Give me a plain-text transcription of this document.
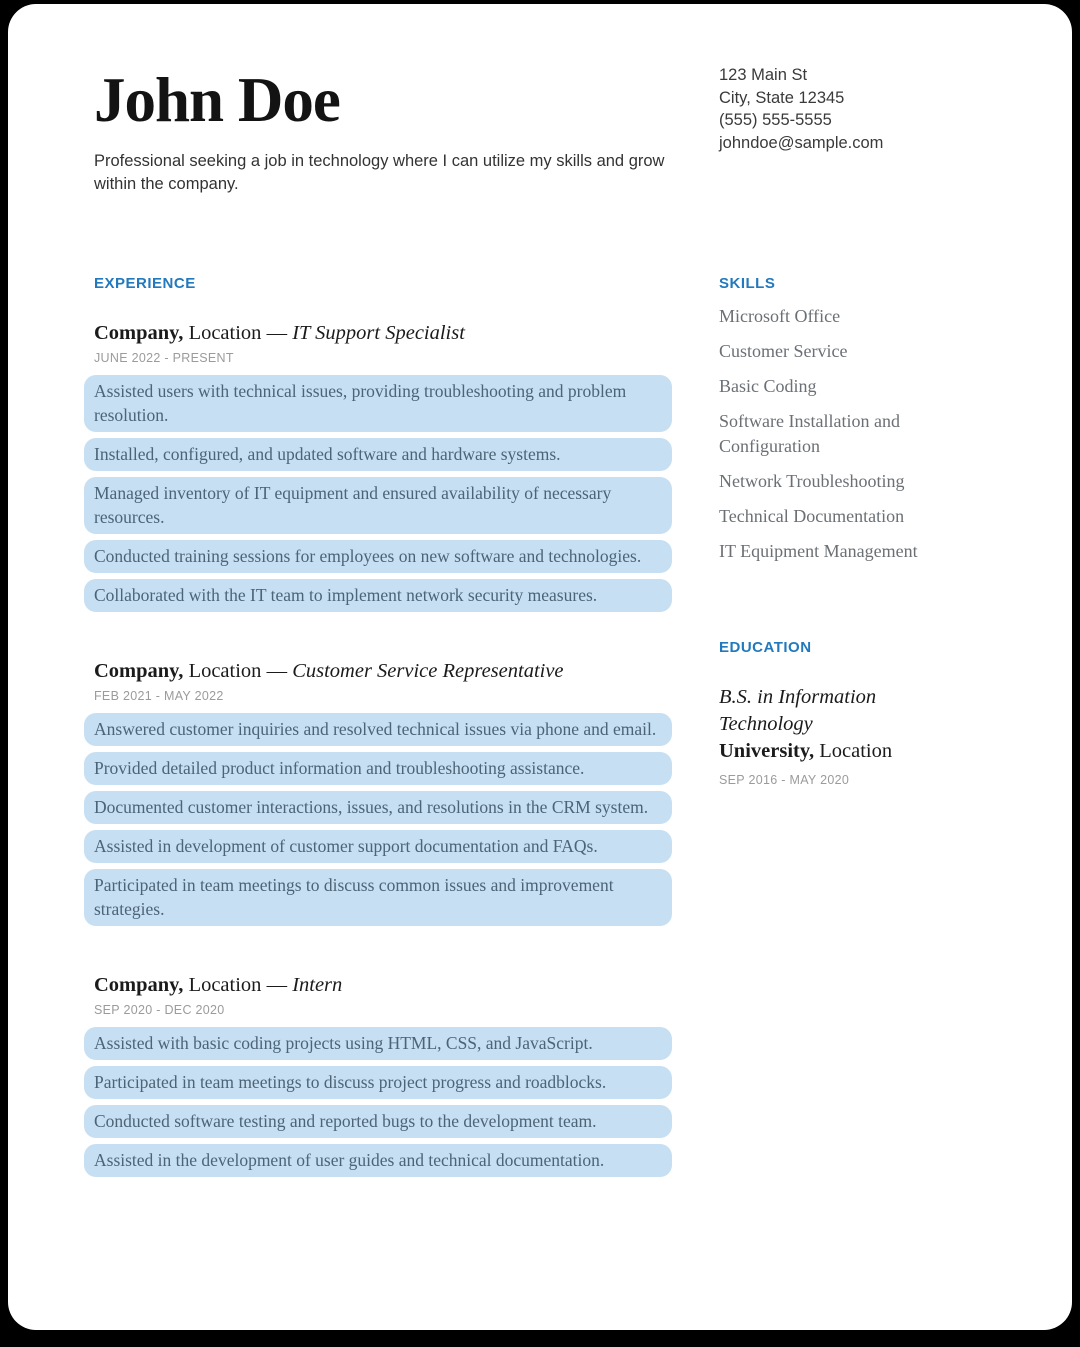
John Doe
Professional seeking a job in technology where I can utilize my skills and grow within the company.
123 Main St
City, State 12345
(555) 555-5555
johndoe@sample.com
EXPERIENCE
Company, Location — IT Support Specialist
JUNE 2022 - PRESENT
Assisted users with technical issues, providing troubleshooting and problem resolution.
Installed, configured, and updated software and hardware systems.
Managed inventory of IT equipment and ensured availability of necessary resources.
Conducted training sessions for employees on new software and technologies.
Collaborated with the IT team to implement network security measures.
Company, Location — Customer Service Representative
FEB 2021 - MAY 2022
Answered customer inquiries and resolved technical issues via phone and email.
Provided detailed product information and troubleshooting assistance.
Documented customer interactions, issues, and resolutions in the CRM system.
Assisted in development of customer support documentation and FAQs.
Participated in team meetings to discuss common issues and improvement strategies.
Company, Location — Intern
SEP 2020 - DEC 2020
Assisted with basic coding projects using HTML, CSS, and JavaScript.
Participated in team meetings to discuss project progress and roadblocks.
Conducted software testing and reported bugs to the development team.
Assisted in the development of user guides and technical documentation.
SKILLS
Microsoft Office
Customer Service
Basic Coding
Software Installation and Configuration
Network Troubleshooting
Technical Documentation
IT Equipment Management
EDUCATION
B.S. in Information Technology
University, Location
SEP 2016 - MAY 2020
